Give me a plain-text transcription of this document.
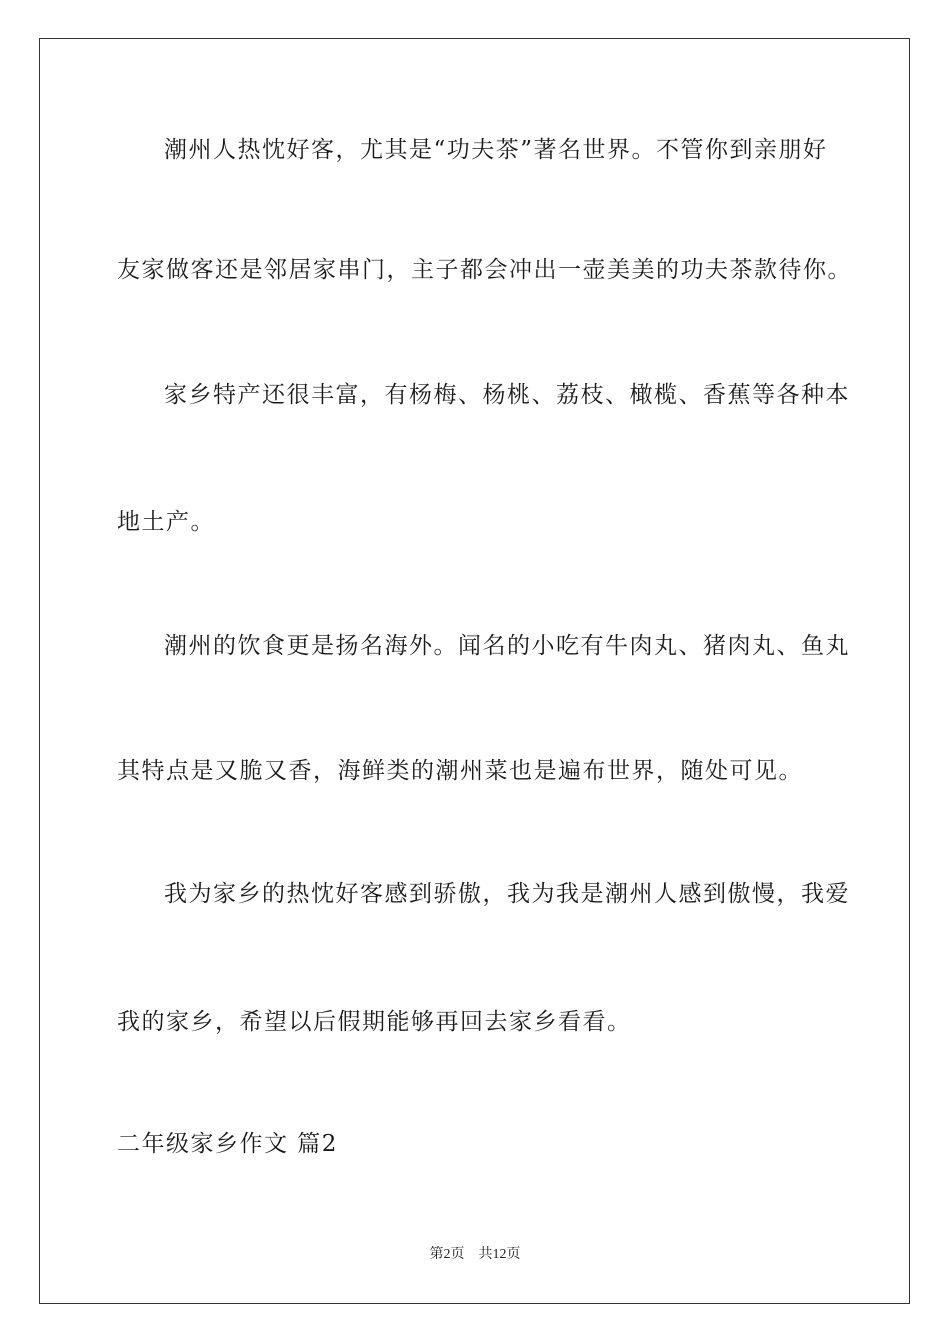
潮州人热忱好客，尤其是“功夫茶”著名世界。不管你到亲朋好
友家做客还是邻居家串门，主子都会冲出一壶美美的功夫茶款待你。
家乡特产还很丰富，有杨梅、杨桃、荔枝、橄榄、香蕉等各种本
地土产。
潮州的饮食更是扬名海外。闻名的小吃有牛肉丸、猪肉丸、鱼丸
其特点是又脆又香，海鲜类的潮州菜也是遍布世界，随处可见。
我为家乡的热忱好客感到骄傲，我为我是潮州人感到傲慢，我爱
我的家乡，希望以后假期能够再回去家乡看看。
二年级家乡作文 篇2
第2页 共12页
